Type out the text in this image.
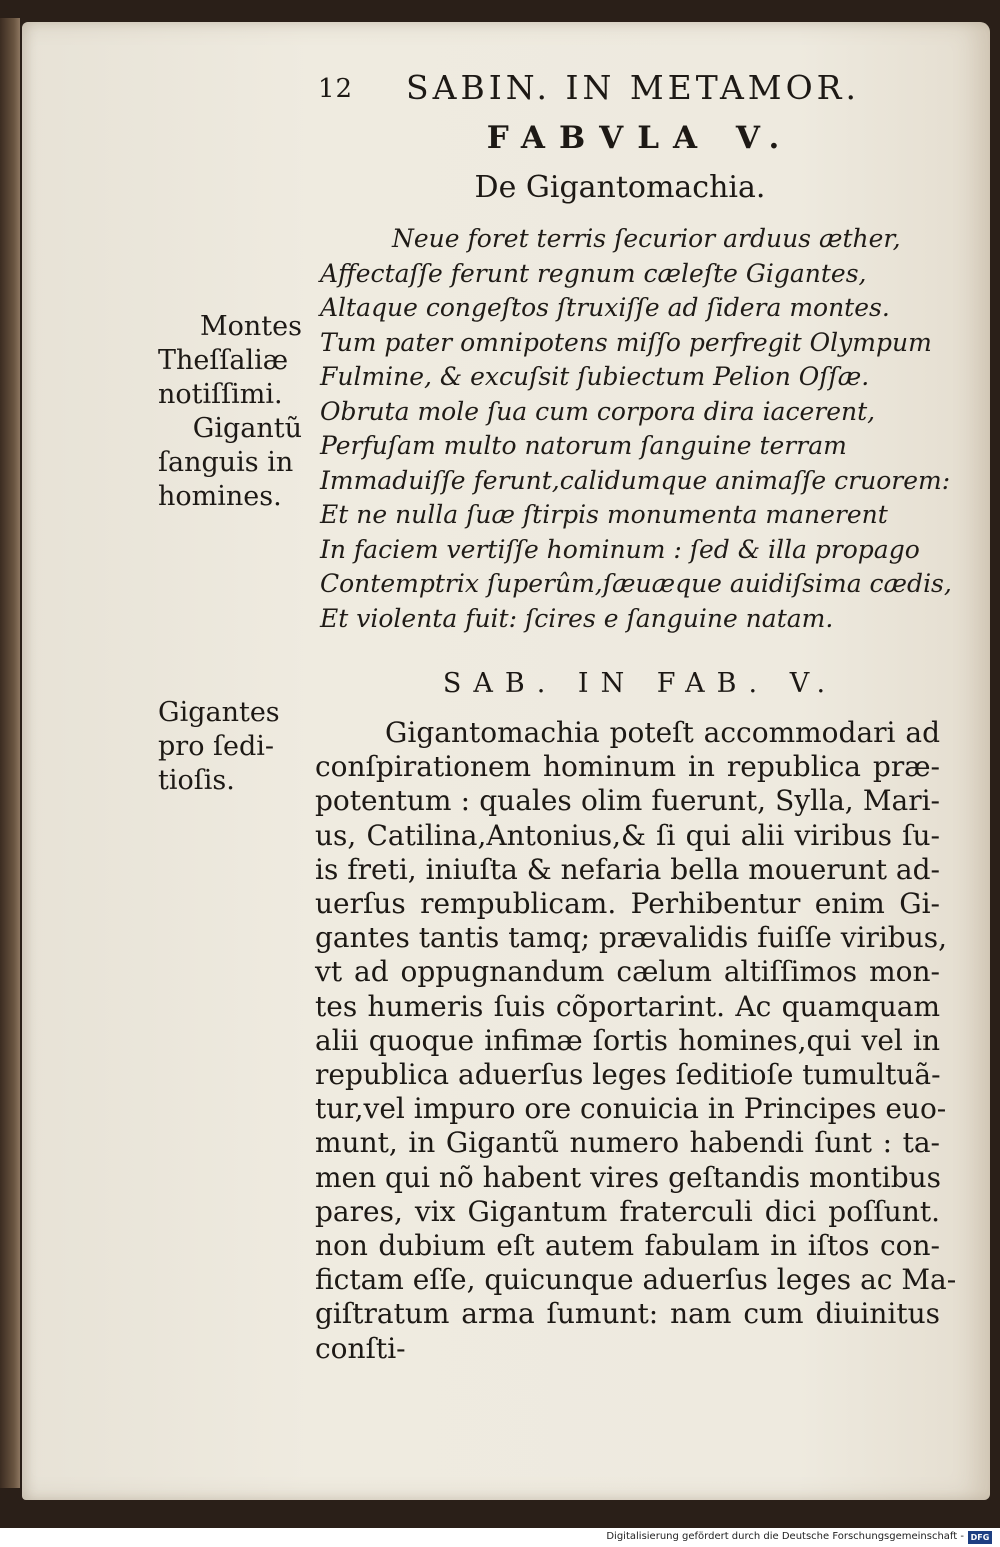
12 SABIN. IN METAMOR.
FABVLA V.
De Gigantomachia.
Neue foret terris ſecurior arduus æther,
Affectaſſe ferunt regnum cæleſte Gigantes,
Altaque congeſtos ſtruxiſſe ad ſidera montes.
Tum pater omnipotens miſſo perfregit Olympum
Fulmine, & excuſsit ſubiectum Pelion Oſſæ.
Obruta mole ſua cum corpora dira iacerent,
Perfuſam multo natorum ſanguine terram
Immaduiſſe ferunt,calidumque animaſſe cruorem:
Et ne nulla ſuæ ſtirpis monumenta manerent
In faciem vertiſſe hominum : ſed & illa propago
Contemptrix ſuperûm,ſæuæque auidiſsima cædis,
Et violenta fuit: ſcires e ſanguine natam.
Montes
Theſſaliæ
notiſſimi.
Gigantũ
ſanguis in
homines.
SAB. IN FAB. V.
Gigantes
pro ſedi-
tioſis.
Gigantomachia poteſt accommodari ad
conſpirationem hominum in republica præ-
potentum : quales olim fuerunt, Sylla, Mari-
us, Catilina,Antonius,& ſi qui alii viribus ſu-
is freti, iniuſta & nefaria bella mouerunt ad-
uerſus rempublicam. Perhibentur enim Gi-
gantes tantis tamq; prævalidis fuiſſe viribus,
vt ad oppugnandum cælum altiſſimos mon-
tes humeris ſuis cõportarint. Ac quamquam
alii quoque infimæ ſortis homines,qui vel in
republica aduerſus leges ſeditioſe tumultuã-
tur,vel impuro ore conuicia in Principes euo-
munt, in Gigantũ numero habendi ſunt : ta-
men qui nõ habent vires geſtandis montibus
pares, vix Gigantum fraterculi dici poſſunt.
non dubium eſt autem fabulam in iſtos con-
fictam eſſe, quicunque aduerſus leges ac Ma-
giſtratum arma ſumunt: nam cum diuinitus
conſti-
Digitalisierung gefördert durch die Deutsche Forschungsgemeinschaft - DFG
